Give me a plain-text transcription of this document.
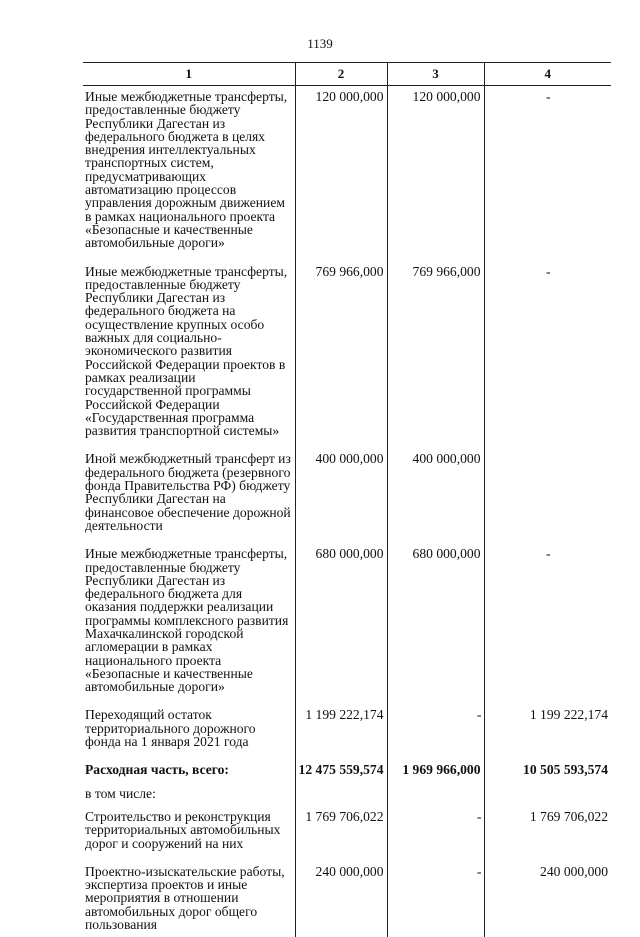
1139
1	2	3	4
Иные межбюджетные трансферты, предоставленные бюджету Республики Дагестан из федерального бюджета в целях внедрения интеллектуальных транспортных систем, предусматривающих автоматизацию процессов управления дорожным движением в рамках национального проекта «Безопасные и качественные автомобильные дороги»	120 000,000	120 000,000	-
Иные межбюджетные трансферты, предоставленные бюджету Республики Дагестан из федерального бюджета на осуществление крупных особо важных для социально-экономического развития Российской Федерации проектов в рамках реализации государственной программы Российской Федерации «Государственная программа развития транспортной системы»	769 966,000	769 966,000	-
Иной межбюджетный трансферт из федерального бюджета (резервного фонда Правительства РФ) бюджету Республики Дагестан на финансовое обеспечение дорожной деятельности	400 000,000	400 000,000	
Иные межбюджетные трансферты, предоставленные бюджету Республики Дагестан из федерального бюджета для оказания поддержки реализации программы комплексного развития Махачкалинской городской агломерации в рамках национального проекта «Безопасные и качественные автомобильные дороги»	680 000,000	680 000,000	-
Переходящий остаток территориального дорожного фонда на 1 января 2021 года	1 199 222,174	-	1 199 222,174
Расходная часть, всего:	12 475 559,574	1 969 966,000	10 505 593,574
в том числе:			
Строительство и реконструкция территориальных автомобильных дорог и сооружений на них	1 769 706,022	-	1 769 706,022
Проектно-изыскательские работы, экспертиза проектов и иные мероприятия в отношении автомобильных дорог общего пользования	240 000,000	-	240 000,000
